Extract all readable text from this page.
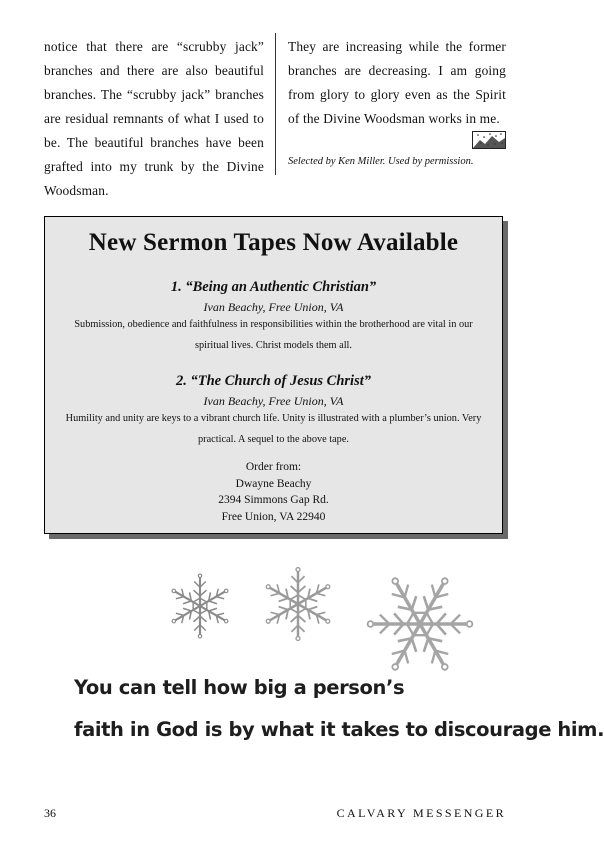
notice that there are “scrubby jack” branches and there are also beautiful branches. The “scrubby jack” branches are residual remnants of what I used to be. The beautiful branches have been grafted into my trunk by the Divine Woodsman.

They are increasing while the former branches are decreasing. I am going from glory to glory even as the Spirit of the Divine Woodsman works in me.

Selected by Ken Miller. Used by permission.
New Sermon Tapes Now Available
1. “Being an Authentic Christian”
Ivan Beachy, Free Union, VA
Submission, obedience and faithfulness in responsibilities within the brotherhood are vital in our spiritual lives. Christ models them all.
2. “The Church of Jesus Christ”
Ivan Beachy, Free Union, VA
Humility and unity are keys to a vibrant church life. Unity is illustrated with a plumber’s union. Very practical. A sequel to the above tape.
Order from:
Dwayne Beachy
2394 Simmons Gap Rd.
Free Union, VA 22940
You can tell how big a person’s
faith in God is by what it takes to discourage him.
36	CALVARY MESSENGER
